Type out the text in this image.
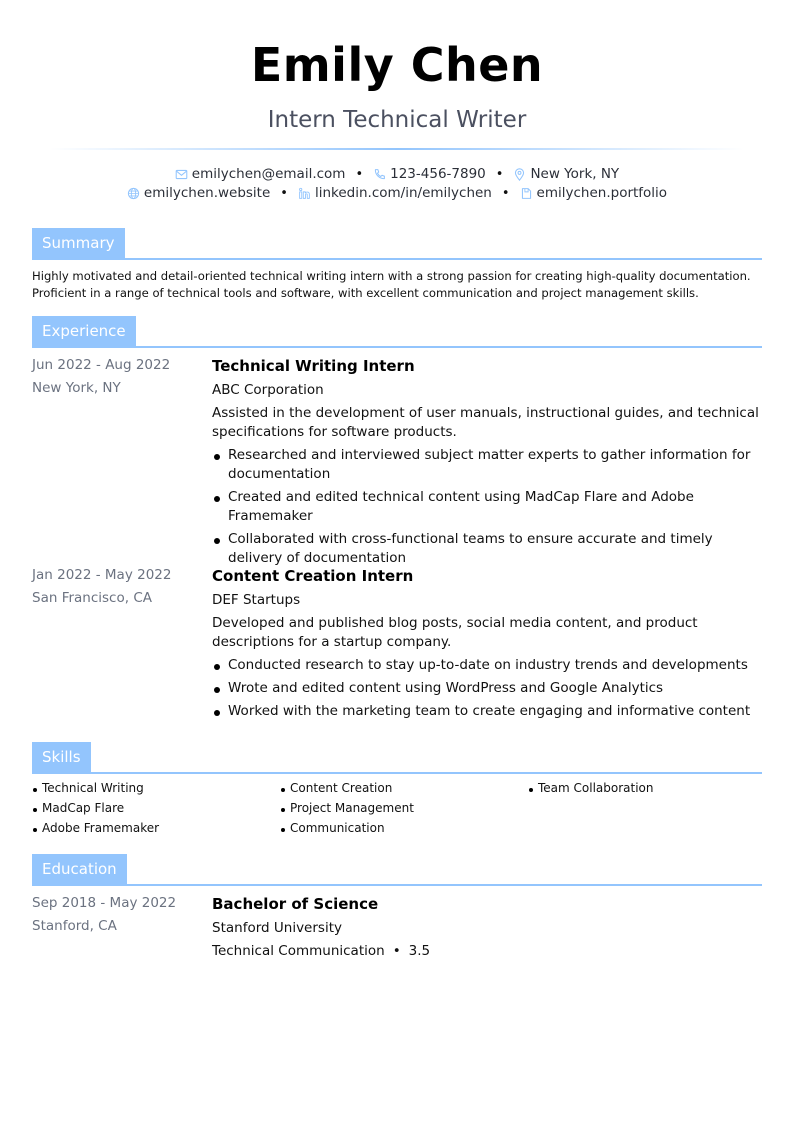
Emily Chen
Intern Technical Writer
emilychen@email.com • 123-456-7890 • New York, NY
emilychen.website • linkedin.com/in/emilychen • emilychen.portfolio
Summary
Highly motivated and detail-oriented technical writing intern with a strong passion for creating high-quality documentation.
Proficient in a range of technical tools and software, with excellent communication and project management skills.
Experience
Jun 2022 - Aug 2022
New York, NY
Technical Writing Intern
ABC Corporation
Assisted in the development of user manuals, instructional guides, and technical specifications for software products.
Researched and interviewed subject matter experts to gather information for documentation
Created and edited technical content using MadCap Flare and Adobe Framemaker
Collaborated with cross-functional teams to ensure accurate and timely delivery of documentation
Jan 2022 - May 2022
San Francisco, CA
Content Creation Intern
DEF Startups
Developed and published blog posts, social media content, and product descriptions for a startup company.
Conducted research to stay up-to-date on industry trends and developments
Wrote and edited content using WordPress and Google Analytics
Worked with the marketing team to create engaging and informative content
Skills
Technical Writing
MadCap Flare
Adobe Framemaker
Content Creation
Project Management
Communication
Team Collaboration
Education
Sep 2018 - May 2022
Stanford, CA
Bachelor of Science
Stanford University
Technical Communication • 3.5
